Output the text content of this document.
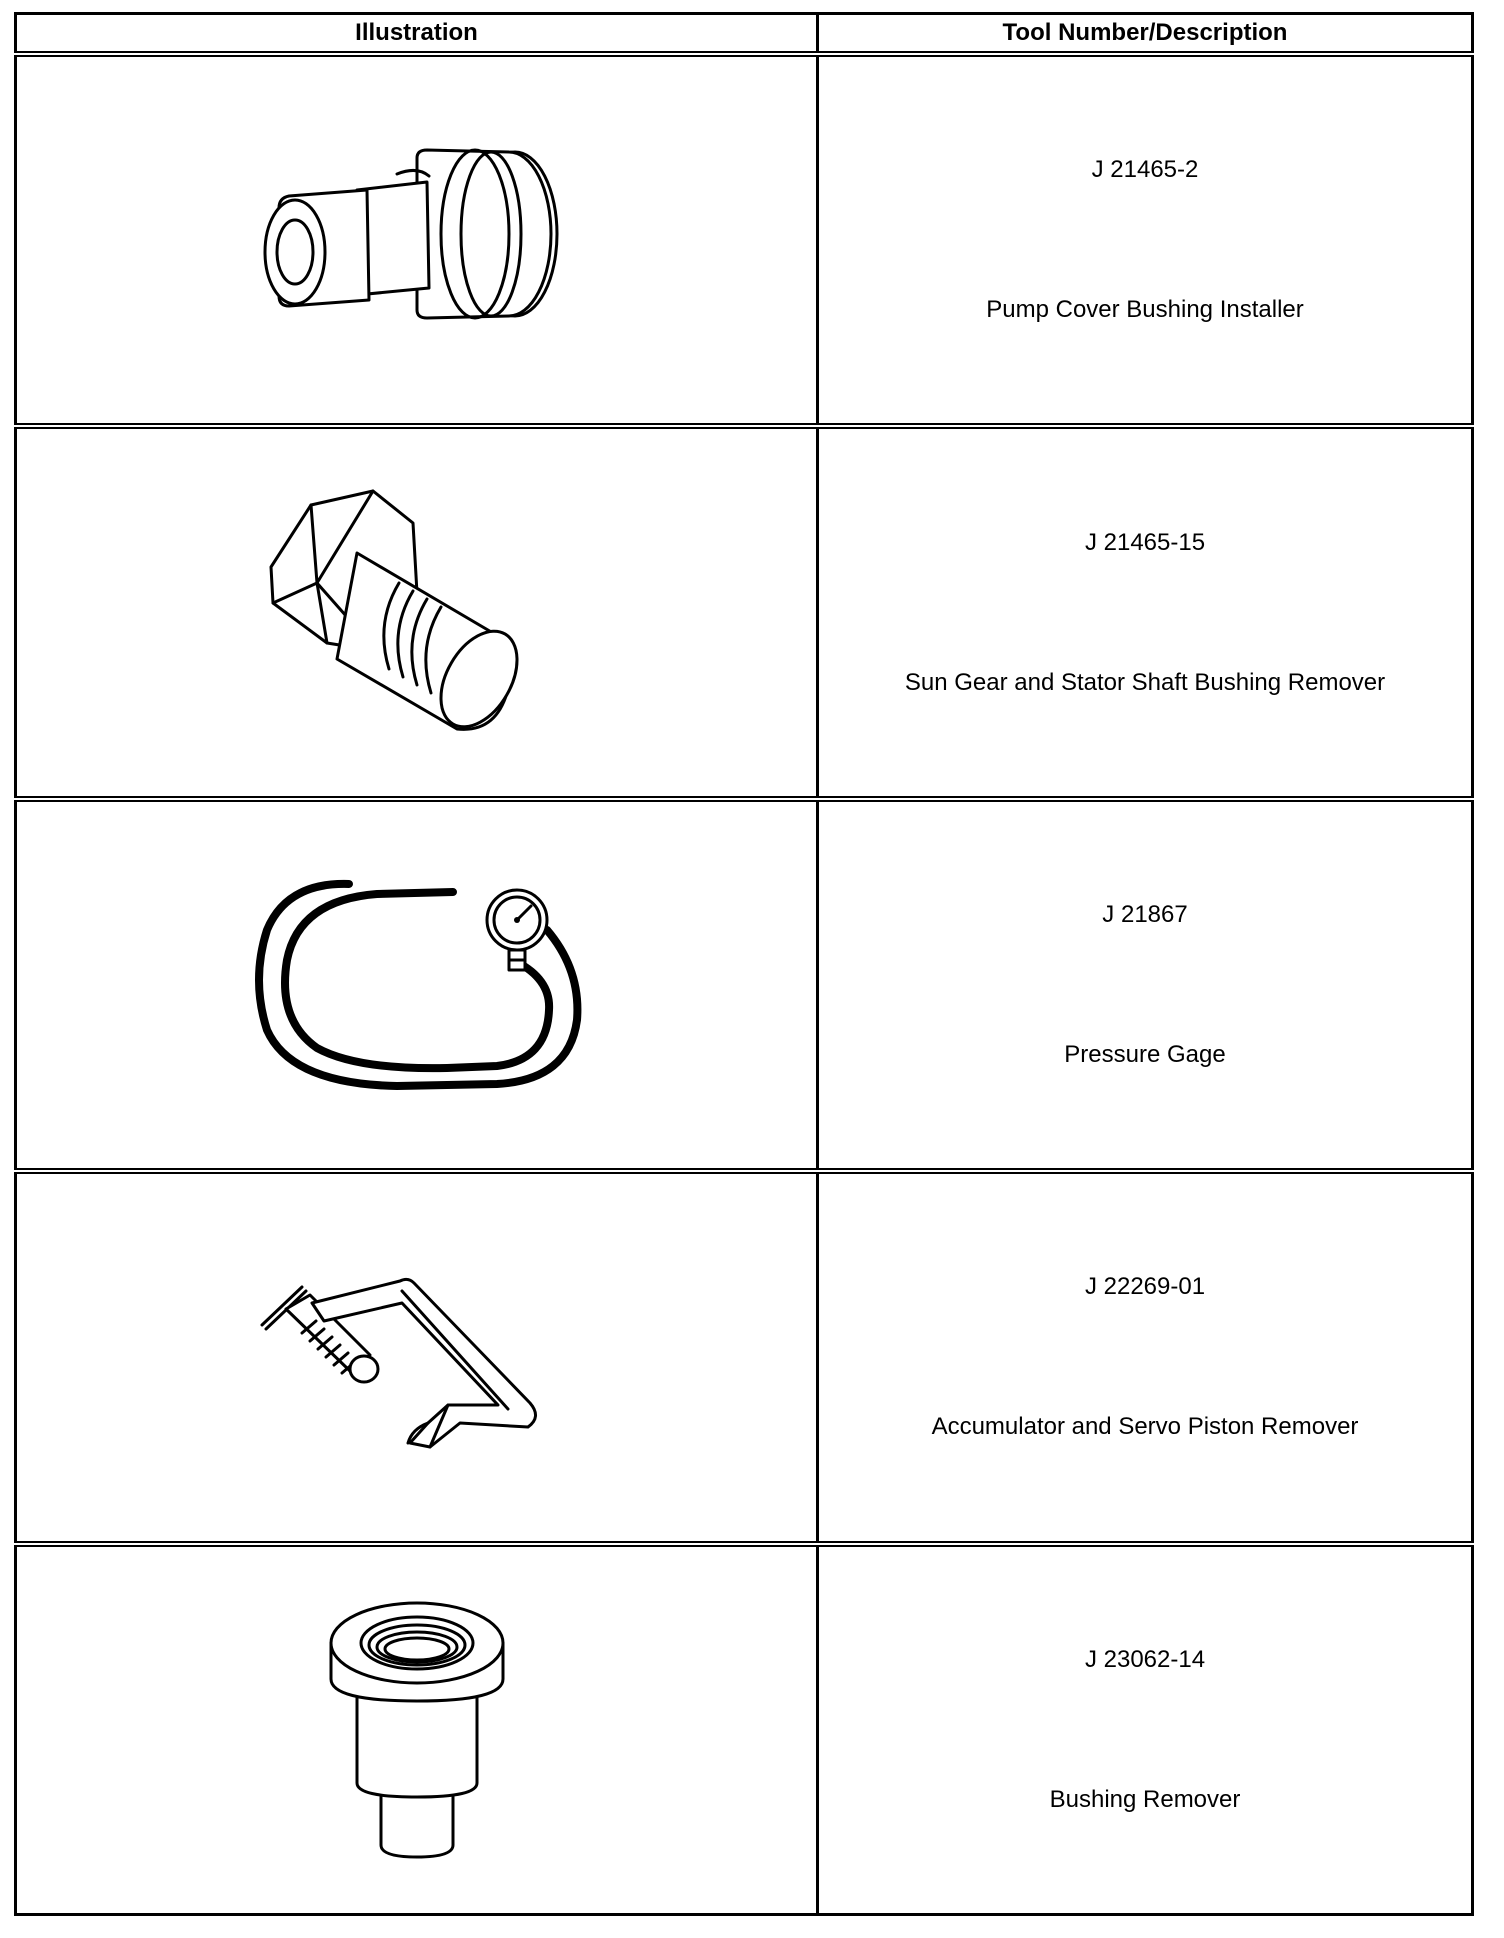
Illustration	Tool Number/Description

J 21465-2
Pump Cover Bushing Installer

J 21465-15
Sun Gear and Stator Shaft Bushing Remover

J 21867
Pressure Gage

J 22269-01
Accumulator and Servo Piston Remover

J 23062-14
Bushing Remover
